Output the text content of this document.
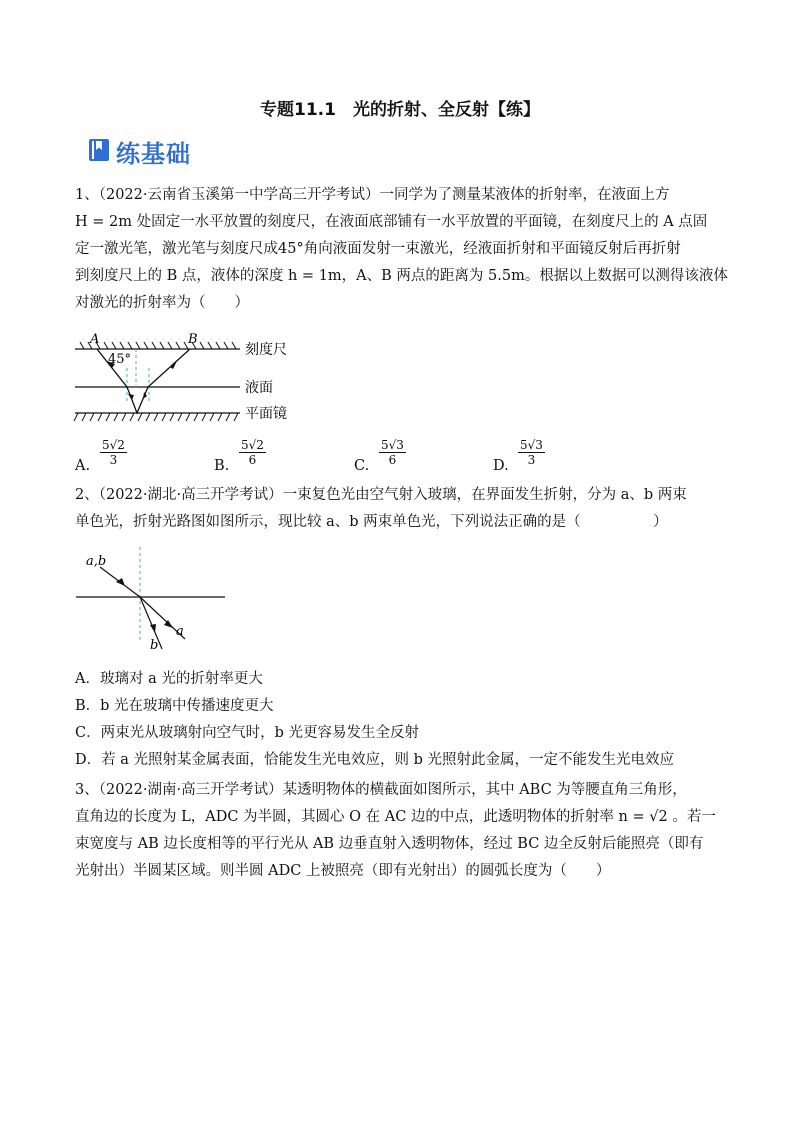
专题11.1　光的折射、全反射【练】
练基础
1、（2022·云南省玉溪第一中学高三开学考试）一同学为了测量某液体的折射率，在液面上方
H = 2m 处固定一水平放置的刻度尺，在液面底部铺有一水平放置的平面镜，在刻度尺上的 A 点固
定一激光笔，激光笔与刻度尺成45°角向液面发射一束激光，经液面折射和平面镜反射后再折射
到刻度尺上的 B 点，液体的深度 h = 1m，A、B 两点的距离为 5.5m。根据以上数据可以测得该液体
对激光的折射率为（　　）
A	B
45°
刻度尺
液面
平面镜
A. $\frac{5√2}{3}$	B. $\frac{5√2}{6}$	C. $\frac{5√3}{6}$	D. $\frac{5√3}{3}$
2、（2022·湖北·高三开学考试）一束复色光由空气射入玻璃，在界面发生折射，分为 a、b 两束
单色光，折射光路图如图所示，现比较 a、b 两束单色光，下列说法正确的是（　　　　　）
a,b
a
b
A．玻璃对 a 光的折射率更大
B．b 光在玻璃中传播速度更大
C．两束光从玻璃射向空气时，b 光更容易发生全反射
D．若 a 光照射某金属表面，恰能发生光电效应，则 b 光照射此金属，一定不能发生光电效应
3、（2022·湖南·高三开学考试）某透明物体的横截面如图所示，其中 ABC 为等腰直角三角形，
直角边的长度为 L，ADC 为半圆，其圆心 O 在 AC 边的中点，此透明物体的折射率 n = √2 。若一
束宽度与 AB 边长度相等的平行光从 AB 边垂直射入透明物体，经过 BC 边全反射后能照亮（即有
光射出）半圆某区域。则半圆 ADC 上被照亮（即有光射出）的圆弧长度为（　　）
